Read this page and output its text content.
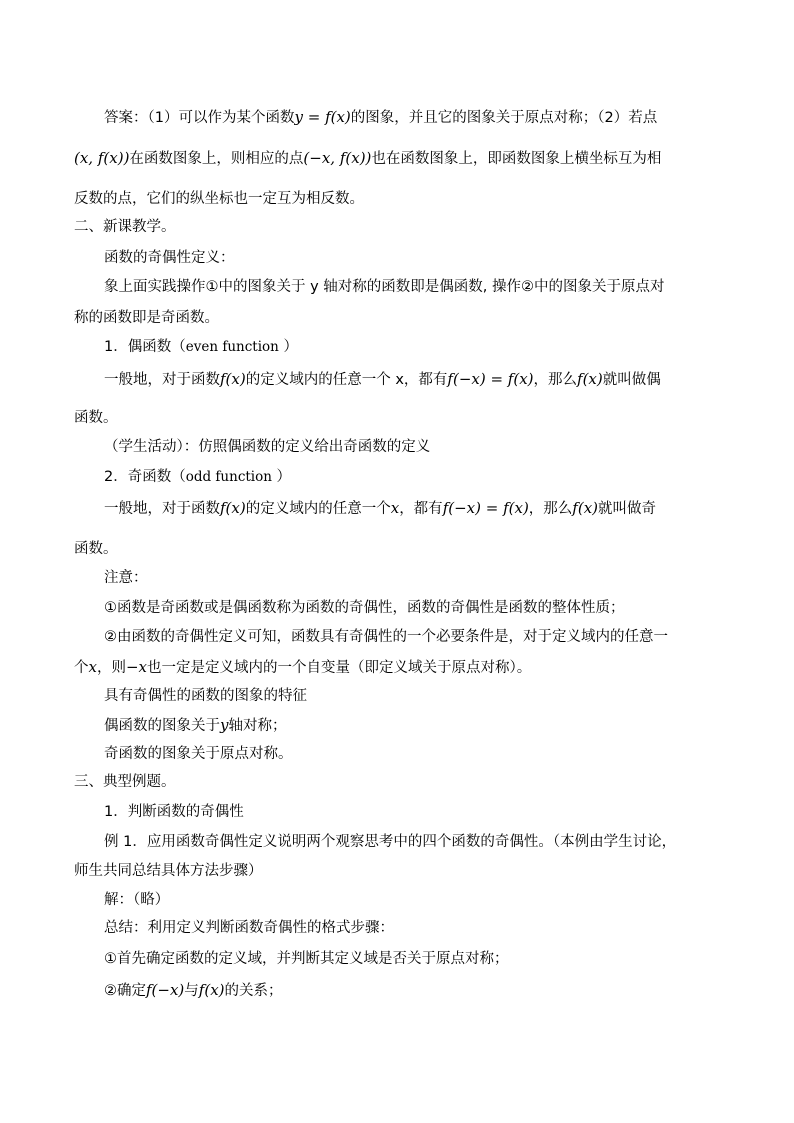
答案：（1）可以作为某个函数y = f(x)的图象，并且它的图象关于原点对称；（2）若点
(x, f(x))在函数图象上，则相应的点(−x, f(x))也在函数图象上，即函数图象上横坐标互为相
反数的点，它们的纵坐标也一定互为相反数。
二、新课教学。
函数的奇偶性定义：
象上面实践操作①中的图象关于 y 轴对称的函数即是偶函数, 操作②中的图象关于原点对
称的函数即是奇函数。
1．偶函数（even function ）
一般地，对于函数f(x)的定义域内的任意一个 x，都有f(−x) = f(x)，那么f(x)就叫做偶
函数。
（学生活动）：仿照偶函数的定义给出奇函数的定义
2．奇函数（odd function ）
一般地，对于函数f(x)的定义域内的任意一个x，都有f(−x) = f(x)，那么f(x)就叫做奇
函数。
注意：
①函数是奇函数或是偶函数称为函数的奇偶性，函数的奇偶性是函数的整体性质；
②由函数的奇偶性定义可知，函数具有奇偶性的一个必要条件是，对于定义域内的任意一
个x，则−x也一定是定义域内的一个自变量（即定义域关于原点对称）。
具有奇偶性的函数的图象的特征
偶函数的图象关于y轴对称；
奇函数的图象关于原点对称。
三、典型例题。
1．判断函数的奇偶性
例 1．应用函数奇偶性定义说明两个观察思考中的四个函数的奇偶性。（本例由学生讨论，
师生共同总结具体方法步骤）
解：（略）
总结：利用定义判断函数奇偶性的格式步骤：
①首先确定函数的定义域，并判断其定义域是否关于原点对称；
②确定f(−x)与f(x)的关系；
